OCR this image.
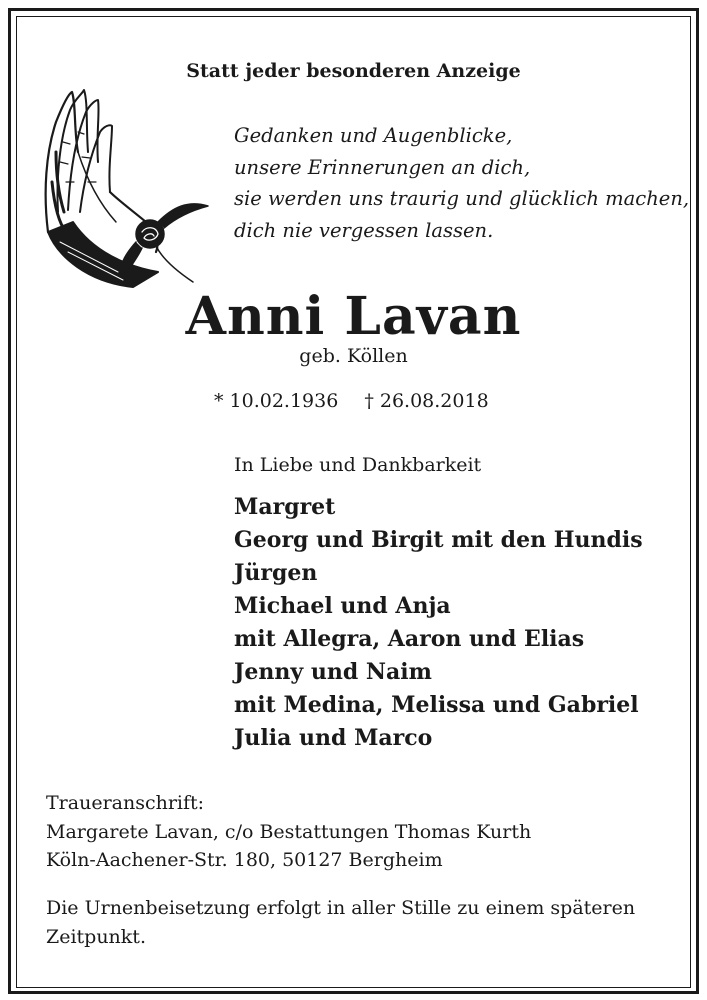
Statt jeder besonderen Anzeige
Gedanken und Augenblicke,
unsere Erinnerungen an dich,
sie werden uns traurig und glücklich machen,
dich nie vergessen lassen.
Anni Lavan
geb. Köllen
* 10.02.1936 † 26.08.2018
In Liebe und Dankbarkeit
Margret
Georg und Birgit mit den Hundis
Jürgen
Michael und Anja
mit Allegra, Aaron und Elias
Jenny und Naim
mit Medina, Melissa und Gabriel
Julia und Marco
Traueranschrift:
Margarete Lavan, c/o Bestattungen Thomas Kurth
Köln-Aachener-Str. 180, 50127 Bergheim
Die Urnenbeisetzung erfolgt in aller Stille zu einem späteren Zeitpunkt.
